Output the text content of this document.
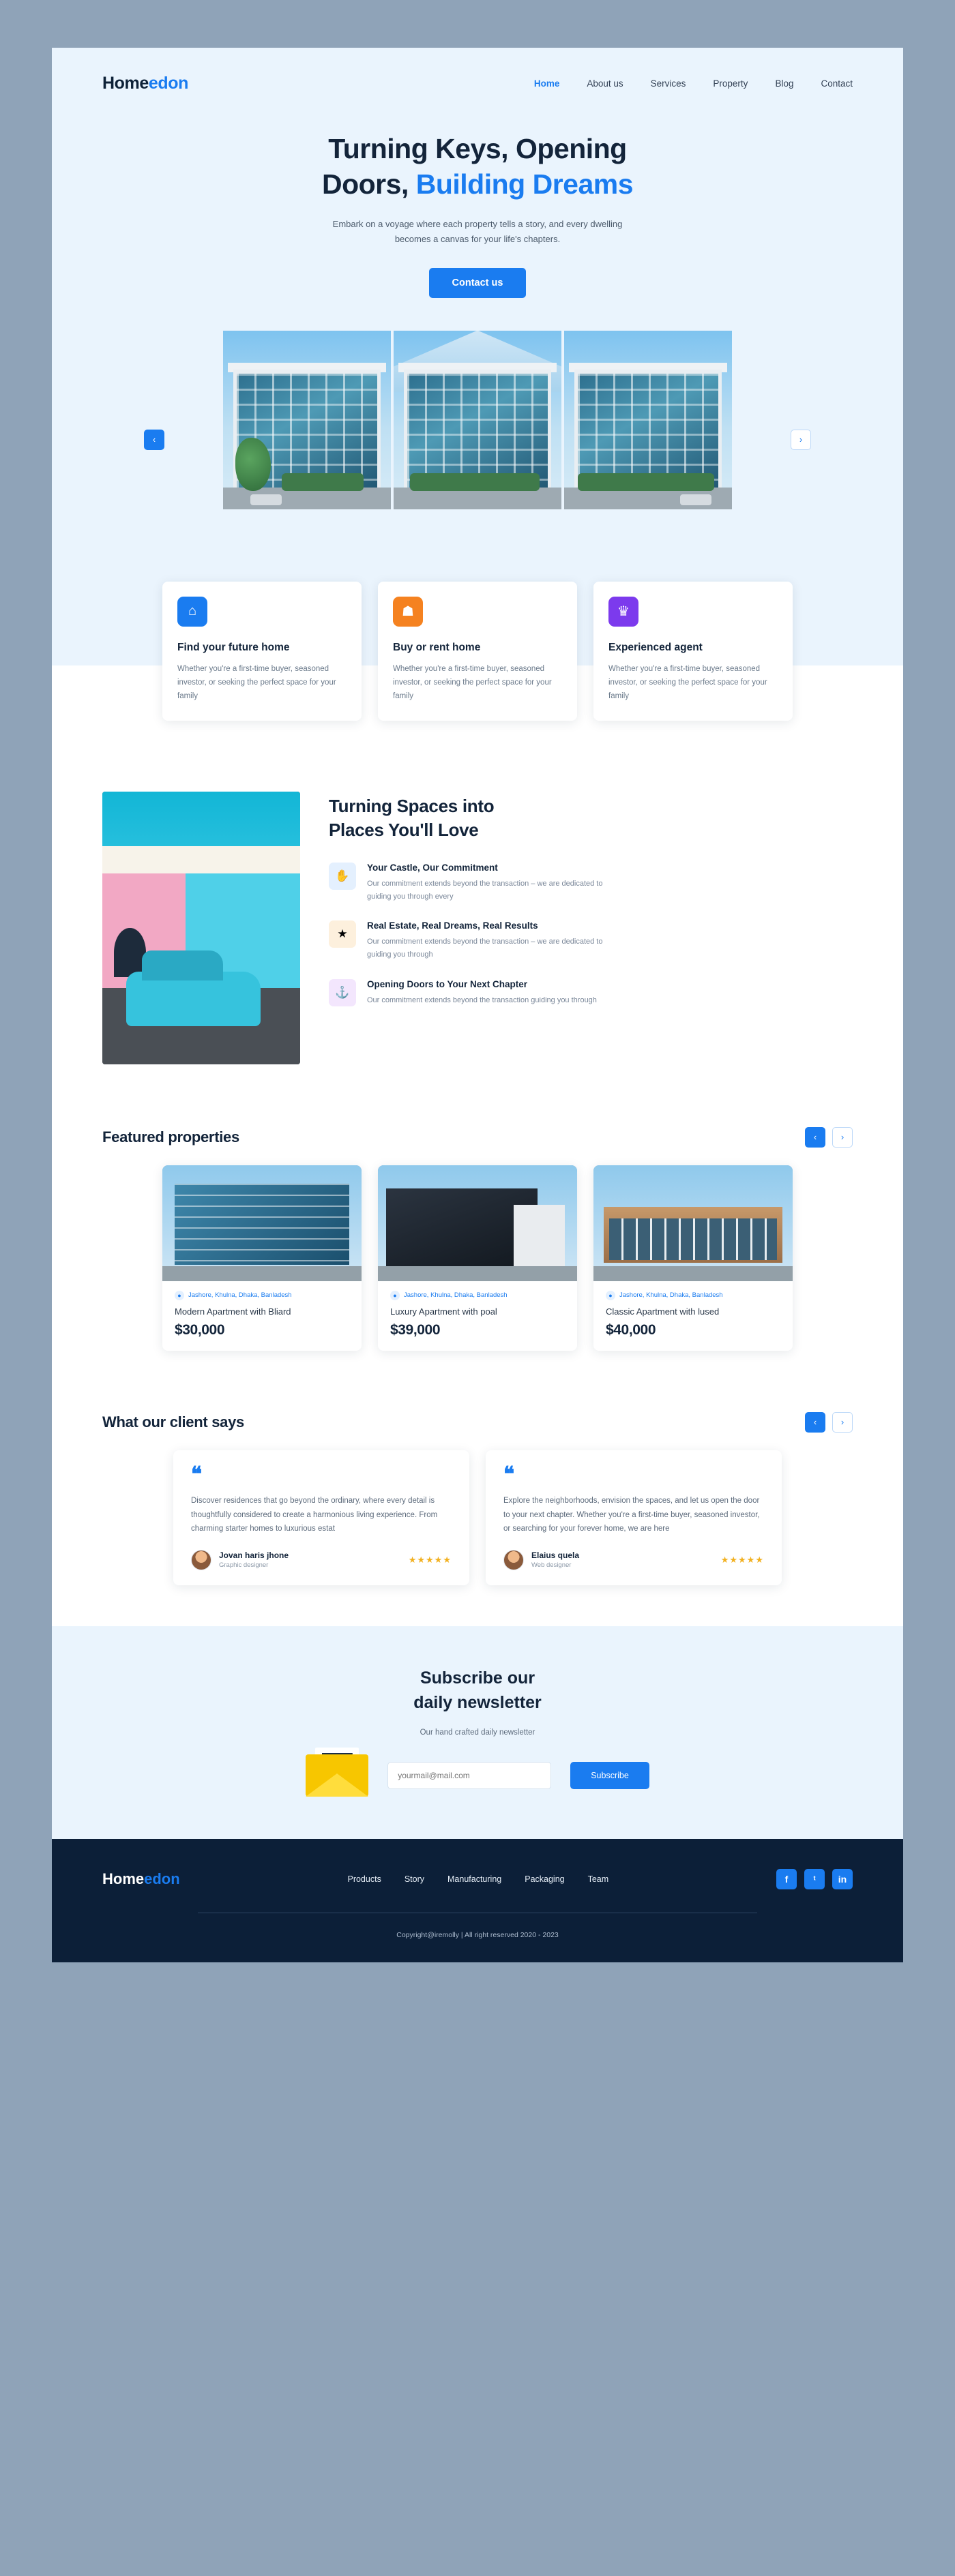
Homeedon	Home	About us	Services	Property	Blog	Contact
Turning Keys, Opening
Doors, Building Dreams

Embark on a voyage where each property tells a story, and every dwelling becomes a canvas for your life's chapters.

Contact us
‹	›
⌂
Find your future home
Whether you're a first-time buyer, seasoned investor, or seeking the perfect space for your family
☗
Buy or rent home
Whether you're a first-time buyer, seasoned investor, or seeking the perfect space for your family
♛
Experienced agent
Whether you're a first-time buyer, seasoned investor, or seeking the perfect space for your family
Turning Spaces into
Places You'll Love
✋
Your Castle, Our Commitment
Our commitment extends beyond the transaction – we are dedicated to guiding you through every
★
Real Estate, Real Dreams, Real Results
Our commitment extends beyond the transaction – we are dedicated to guiding you through
⚓
Opening Doors to Your Next Chapter
Our commitment extends beyond the transaction guiding you through
Featured properties	‹	›
●	Jashore, Khulna, Dhaka, Banladesh
Modern Apartment with Bliard
$30,000
●	Jashore, Khulna, Dhaka, Banladesh
Luxury Apartment with poal
$39,000
●	Jashore, Khulna, Dhaka, Banladesh
Classic Apartment with lused
$40,000
What our client says	‹	›
❝
Discover residences that go beyond the ordinary, where every detail is thoughtfully considered to create a harmonious living experience. From charming starter homes to luxurious estat
Jovan haris jhone
Graphic designer
★★★★★
❝
Explore the neighborhoods, envision the spaces, and let us open the door to your next chapter. Whether you're a first-time buyer, seasoned investor, or searching for your forever home, we are here
Elaius quela
Web designer
★★★★★
Subscribe our
daily newsletter
Our hand crafted daily newsletter
yourmail@mail.com
Subscribe
Homeedon	Products	Story	Manufacturing	Packaging	Team	f	ᵗ	in
Copyright@iremolly | All right reserved 2020 - 2023
